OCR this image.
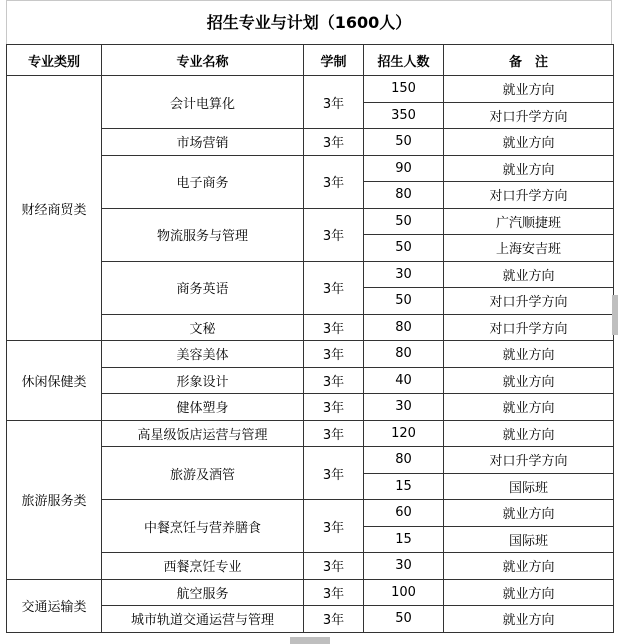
招生专业与计划（1600人）
专业类别	专业名称	学制	招生人数	备　注
财经商贸类	会计电算化	3年	150	就业方向
			350	对口升学方向
	市场营销	3年	50	就业方向
	电子商务	3年	90	就业方向
			80	对口升学方向
	物流服务与管理	3年	50	广汽顺捷班
			50	上海安吉班
	商务英语	3年	30	就业方向
			50	对口升学方向
	文秘	3年	80	对口升学方向
休闲保健类	美容美体	3年	80	就业方向
	形象设计	3年	40	就业方向
	健体塑身	3年	30	就业方向
旅游服务类	高星级饭店运营与管理	3年	120	就业方向
	旅游及酒管	3年	80	对口升学方向
			15	国际班
	中餐烹饪与营养膳食	3年	60	就业方向
			15	国际班
	西餐烹饪专业	3年	30	就业方向
交通运输类	航空服务	3年	100	就业方向
	城市轨道交通运营与管理	3年	50	就业方向
